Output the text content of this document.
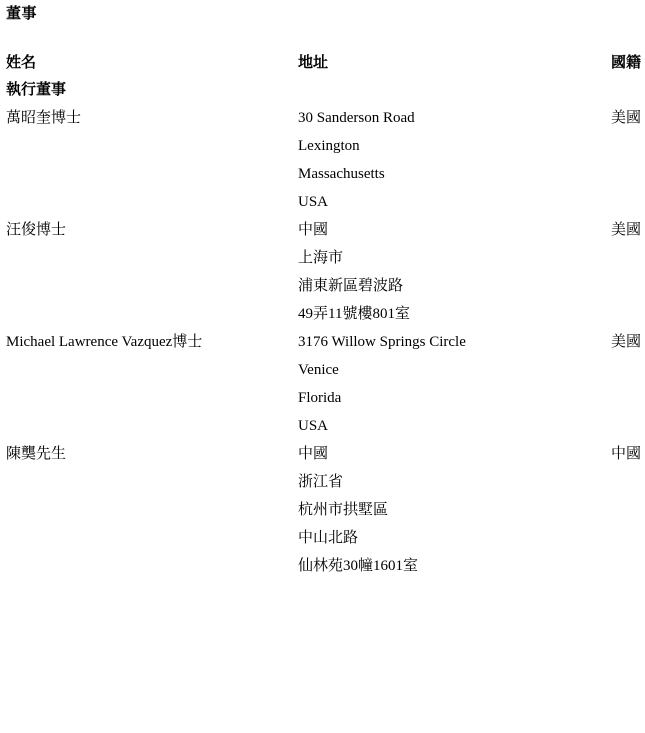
董事
姓名	地址	國籍
執行董事		
萬昭奎博士	30 Sanderson Road
Lexington
Massachusetts
USA	美國
汪俊博士	中國
上海市
浦東新區碧波路
49弄11號樓801室	美國
Michael Lawrence Vazquez博士	3176 Willow Springs Circle
Venice
Florida
USA	美國
陳龑先生	中國
浙江省
杭州市拱墅區
中山北路
仙林苑30幢1601室	中國
